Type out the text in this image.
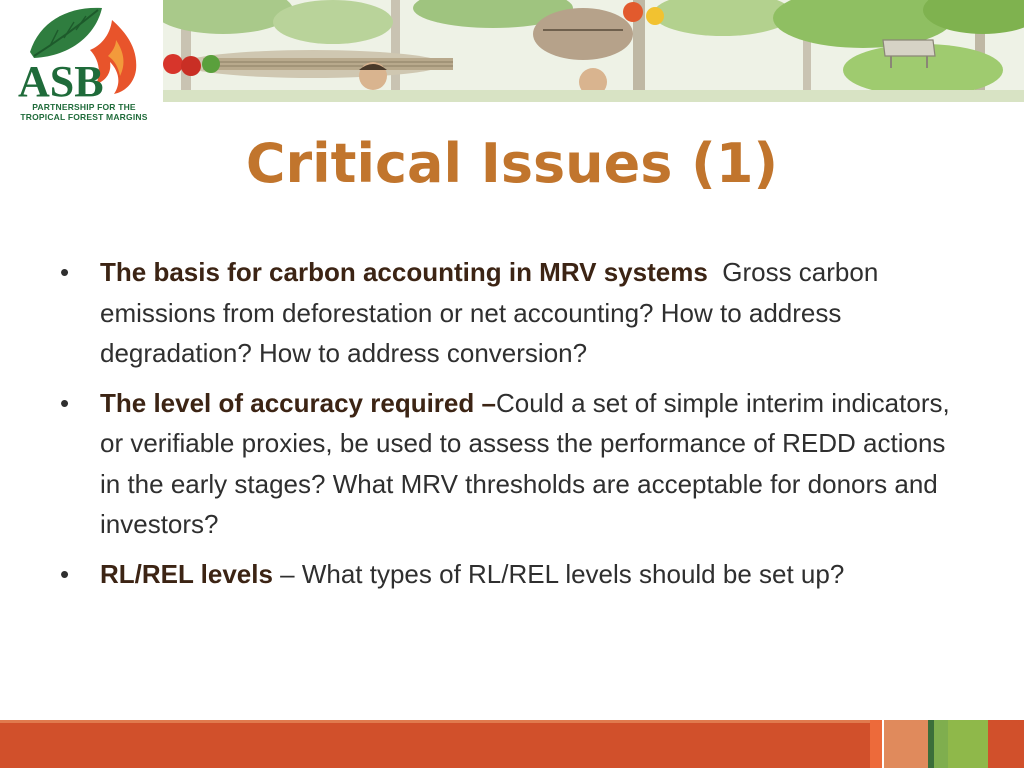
ASB
PARTNERSHIP FOR THE
TROPICAL FOREST MARGINS
Critical Issues (1)
•	The basis for carbon accounting in MRV systems  Gross carbon emissions from deforestation or net accounting? How to address degradation? How to address conversion?
•	The level of accuracy required –Could a set of simple interim indicators, or verifiable proxies, be used to assess the performance of REDD actions in the early stages? What MRV thresholds are acceptable for donors and investors?
•	RL/REL levels – What types of RL/REL levels should be set up?
